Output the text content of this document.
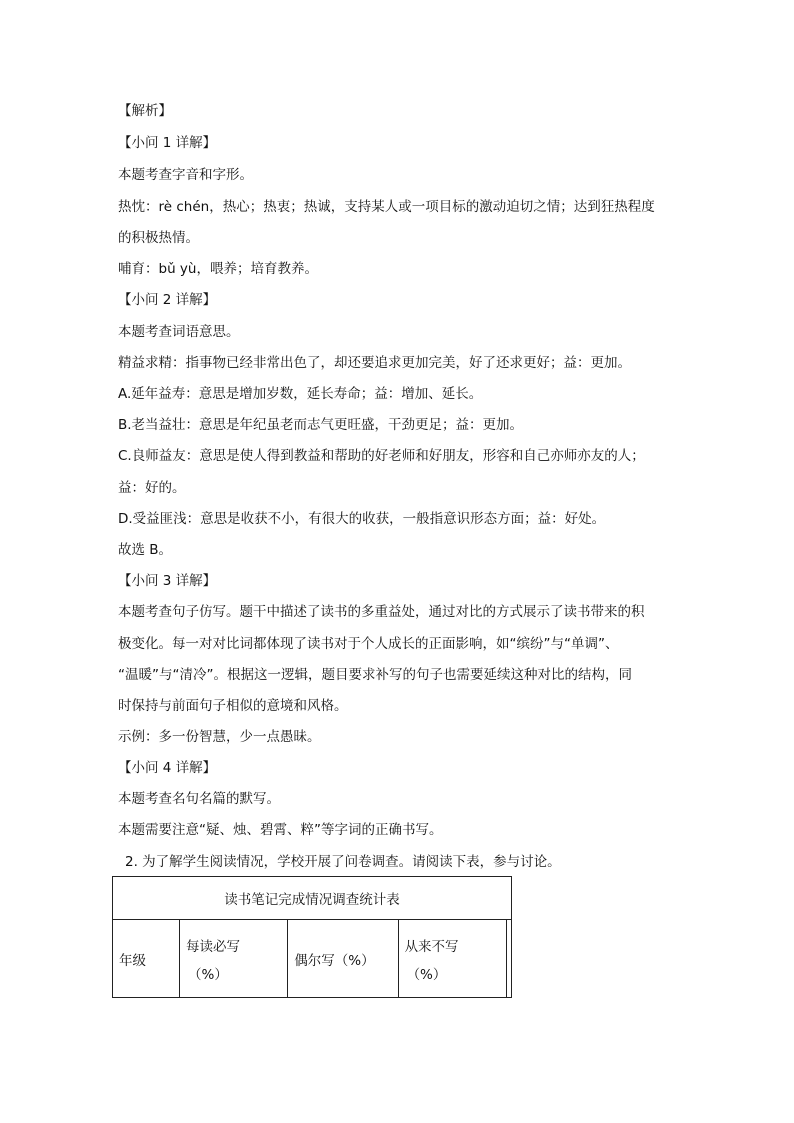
【解析】
【小问 1 详解】
本题考查字音和字形。
热忱：rè chén，热心；热衷；热诚，支持某人或一项目标的激动迫切之情；达到狂热程度
的积极热情。
哺育：bǔ yù，喂养；培育教养。
【小问 2 详解】
本题考查词语意思。
精益求精：指事物已经非常出色了，却还要追求更加完美，好了还求更好；益：更加。
A.延年益寿：意思是增加岁数，延长寿命；益：增加、延长。
B.老当益壮：意思是年纪虽老而志气更旺盛，干劲更足；益：更加。
C.良师益友：意思是使人得到教益和帮助的好老师和好朋友，形容和自己亦师亦友的人；
益：好的。
D.受益匪浅：意思是收获不小，有很大的收获，一般指意识形态方面；益：好处。
故选 B。
【小问 3 详解】
本题考查句子仿写。题干中描述了读书的多重益处，通过对比的方式展示了读书带来的积
极变化。每一对对比词都体现了读书对于个人成长的正面影响，如“缤纷”与“单调”、
“温暖”与“清冷”。根据这一逻辑，题目要求补写的句子也需要延续这种对比的结构，同
时保持与前面句子相似的意境和风格。
示例：多一份智慧，少一点愚昧。
【小问 4 详解】
本题考查名句名篇的默写。
本题需要注意“疑、烛、碧霄、粹”等字词的正确书写。
2. 为了解学生阅读情况，学校开展了问卷调查。请阅读下表，参与讨论。
读书笔记完成情况调查统计表
年级	每读必写
（%）
	偶尔写（%）	从来不写
（%）
